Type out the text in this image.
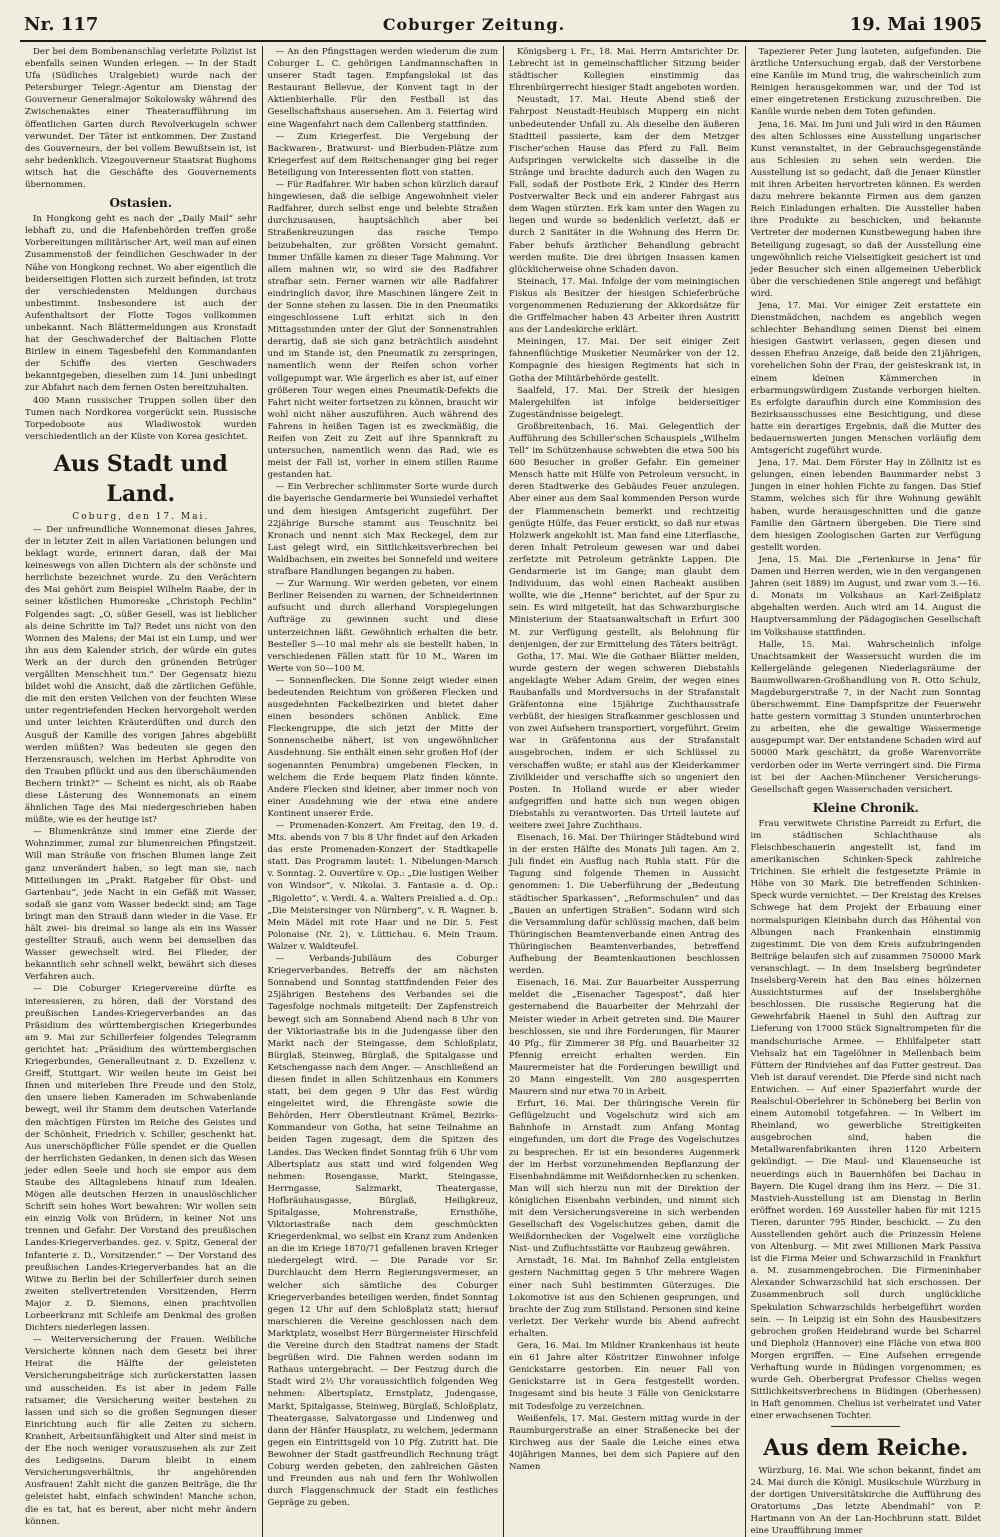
Nr. 117	Coburger Zeitung.	19. Mai 1905

Der bei dem Bombenanschlag verletzte Polizist ist ebenfalls seinen Wunden erlegen. — In der Stadt Ufa (Südliches Uralgebiet) wurde nach der Petersburger Telegr.-Agentur am Dienstag der Gouverneur Generalmajor Sokolowsky während des Zwischenaktes einer Theateraufführung im öffentlichen Garten durch Revolverkugeln schwer verwundet. Der Täter ist entkommen. Der Zustand des Gouverneurs, der bei vollem Bewußtsein ist, ist sehr bedenklich. Vizegouverneur Staatsrat Bughoms witsch hat die Geschäfte des Gouvernements übernommen.

Ostasien.

In Hongkong geht es nach der „Daily Mail“ sehr lebhaft zu, und die Hafenbehörden treffen große Vorbereitungen militärischer Art, weil man auf einen Zusammenstoß der feindlichen Geschwader in der Nähe von Hongkong rechnet. Wo aber eigentlich die beiderseitigen Flotten sich zurzeit befinden, ist trotz der verschiedensten Meldungen durchaus unbestimmt. Insbesondere ist auch der Aufenthaltsort der Flotte Togos vollkommen unbekannt. Nach Blättermeldungen aus Kronstadt hat der Geschwaderchef der Baltischen Flotte Birilew in einem Tagesbefehl den Kommandanten der Schiffe des vierten Geschwaders bekanntgegeben, dieselben zum 14. Juni unbedingt zur Abfahrt nach dem fernen Osten bereitzuhalten.

400 Mann russischer Truppen sollen über den Tumen nach Nordkorea vorgerückt sein. Russische Torpedoboote aus Wladiwostok wurden verschiedentlich an der Küste von Korea gesichtet.

Aus Stadt und Land.
Coburg, den 17. Mai.

— Der unfreundliche Wonnemonat dieses Jahres, der in letzter Zeit in allen Variationen belungen und beklagt wurde, erinnert daran, daß der Mai keineswegs von allen Dichtern als der schönste und herrlichste bezeichnet wurde. Zu den Verächtern des Mai gehört zum Beispiel Wilhelm Raabe, der in seiner köstlichen Humoreske „Christoph Pechlin“ Folgendes sagt: „O, süßer Gesell, was ist lieblicher als deine Schritte im Tal? Redet uns nicht von den Wonnen des Malens; der Mai ist ein Lump, und wer ihn aus dem Kalender strich, der würde ein gutes Werk an der durch den grünenden Betrüger vergällten Menschheit tun.“ Der Gegensatz hiezu bildet wohl die Ansicht, daß die zärtlichen Gefühle, die mit den ersten Veilchen von der feuchten Wiese unter regentriefenden Hecken hervorgeholt werden und unter leichten Kräuterdüften und durch den Ausguß der Kamille des vorigen Jahres abgebüßt werden müßten? Was bedeuten sie gegen den Herzensrausch, welchen im Herbst Aphrodite von den Trauben pflückt und aus den überschäumenden Bechern trinkt?“ — Scheint es nicht, als ob Raabe diese Lästerung des Wonnemonats an einem ähnlichen Tage des Mai niedergeschrieben haben müßte, wie es der heutige ist?

— Blumenkränze sind immer eine Zierde der Wohnzimmer, zumal zur blumenreichen Pfingstzeit. Will man Sträuße von frischen Blumen lange Zeit ganz unverändert haben, so legt man sie, nach Mitteilungen im „Prakt. Ratgeber für Obst- und Gartenbau“, jede Nacht in ein Gefäß mit Wasser, sodaß sie ganz vom Wasser bedeckt sind; am Tage bringt man den Strauß dann wieder in die Vase. Er hält zwei- bis dreimal so lange als ein ins Wasser gestellter Strauß, auch wenn bei demselben das Wasser gewechselt wird. Bei Flieder, der bekanntlich sehr schnell welkt, bewährt sich dieses Verfahren auch.

— Die Coburger Kriegervereine dürfte es interessieren, zu hören, daß der Vorstand des preußischen Landes-Kriegerverbandes an das Präsidium des württembergischen Kriegerbundes am 9. Mai zur Schillerfeier folgendes Telegramm gerichtet hat: „Präsidium des württembergischen Kriegerbundes, Generalleutnant z. D. Exzellenz v. Greiff, Stuttgart. Wir weilen heute im Geist bei Ihnen und miterleben Ihre Freude und den Stolz, den unsere lieben Kameraden im Schwabenlande bewegt, weil ihr Stamm dem deutschen Vaterlande den mächtigen Fürsten im Reiche des Geistes und der Schönheit, Friedrich v. Schiller, geschenkt hat. Aus unerschöpflicher Fülle spendet er die Quellen der herrlichsten Gedanken, in denen sich das Wesen jeder edlen Seele und hoch sie empor aus dem Staube des Alltagslebens hinauf zum Idealen. Mögen alle deutschen Herzen in unauslöschlicher Schrift sein hohes Wort bewahren: Wir wollen sein ein einzig Volk von Brüdern, in keiner Not uns trennen und Gefahr. Der Vorstand des preußischen Landes-Kriegerverbandes. gez. v. Spitz, General der Infanterie z. D., Vorsitzender.“ — Der Vorstand des preußischen Landes-Kriegerverbandes hat an die Witwe zu Berlin bei der Schillerfeier durch seinen zweiten stellvertretenden Vorsitzenden, Herrn Major z. D. Siemons, einen prachtvollen Lorbeerkranz mit Schleife am Denkmal des großen Dichters niederlegen lassen.

— Weiterversicherung der Frauen. Weibliche Versicherte können nach dem Gesetz bei ihrer Heirat die Hälfte der geleisteten Versicherungsbeiträge sich zurückerstatten lassen und ausscheiden. Es ist aber in jedem Falle ratsamer, die Versicherung weiter bestehen zu lassen und sich so die großen Segnungen dieser Einrichtung auch für alle Zeiten zu sichern. Kranheit, Arbeitsunfähigkeit und Alter sind meist in der Ehe noch weniger vorauszusehen als zur Zeit des Ledigseins. Darum bleibt in einem Versicherungsverhältnis, ihr angehörenden Ausfrauen! Zahlt nicht die ganzen Beiträge, die Ihr geleistet habt, einfach schwinden! Manche schon, die es tat, hat es bereut, aber nicht mehr ändern können.

— An den Pfingsttagen werden wiederum die zum Coburger L. C. gehörigen Landmannschaften in unserer Stadt tagen. Empfangslokal ist das Restaurant Bellevue, der Konvent tagt in der Aktienbierhalle. Für den Festball ist das Gesellschaftshaus ausersehen. Am 3. Feiertag wird eine Wagenfahrt nach dem Callenberg stattfinden.

— Zum Kriegerfest. Die Vergebung der Backwaren-, Bratwurst- und Bierbuden-Plätze zum Kriegerfest auf dem Reitschenanger ging bei reger Beteiligung von Interessenten flott von statten.

— Für Radfahrer. Wir haben schon kürzlich darauf hingewiesen, daß die selbige Angewohnheit vieler Radfahrer, durch selbst enge und belebte Straßen durchzusausen, hauptsächlich aber bei Straßenkreuzungen das rasche Tempo beizubehalten, zur größten Vorsicht gemahnt. Immer Unfälle kamen zu dieser Tage Mahnung. Vor allem mahnen wir, so wird sie des Radfahrer strafbar sein. Ferner warnen wir alle Radfahrer eindringlich davor, ihre Maschinen längere Zeit in der Sonne stehen zu lassen. Die in den Pneumatiks eingeschlossene Luft erhitzt sich in den Mittagsstunden unter der Glut der Sonnenstrahlen derartig, daß sie sich ganz beträchtlich ausdehnt und im Stande ist, den Pneumatik zu zerspringen, namentlich wenn der Reifen schon vorher vollgepumpt war. Wie ärgerlich es aber ist, auf einer größeren Tour wegen eines Pneumatik-Defekts die Fahrt nicht weiter fortsetzen zu können, braucht wir wohl nicht näher auszuführen. Auch während des Fahrens in heißen Tagen ist es zweckmäßig, die Reifen von Zeit zu Zeit auf ihre Spannkraft zu untersuchen, namentlich wenn das Rad, wie es meist der Fall ist, vorher in einem stillen Raume gestanden hat.

— Ein Verbrecher schlimmster Sorte wurde durch die bayerische Gendarmerie bei Wunsiedel verhaftet und dem hiesigen Amtsgericht zugeführt. Der 22jährige Bursche stammt aus Teuschnitz bei Kronach und nennt sich Max Reckegel, dem zur Last gelegt wird, ein Sittlichkeitsverbrechen bei Waldbachsen, ein zweites bei Sonnefeld und weitere strafbare Handlungen begangen zu haben.

— Zur Warnung. Wir werden gebeten, vor einem Berliner Reisenden zu warnen, der Schneiderinnen aufsucht und durch allerhand Vorspiegelungen Aufträge zu gewinnen sucht und diese unterzeichnen läßt. Gewöhnlich erhalten die betr. Besteller 5—10 mal mehr als sie bestellt haben, in verschiedenen Fällen statt für 10 M., Waren im Werte von 50—100 M.

— Sonnenflecken. Die Sonne zeigt wieder einen bedeutenden Reichtum von größeren Flecken und ausgedehnten Fackelbezirken und bietet daher einen besonders schönen Anblick. Eine Fleckengruppe, die sich jetzt der Mitte der Sonnenscheibe nähert, ist von ungewöhnlicher Ausdehnung. Sie enthält einen sehr großen Hof (der sogenannten Penumbra) umgebenen Flecken, in welchem die Erde bequem Platz finden könnte. Andere Flecken sind kleiner, aber immer noch von einer Ausdehnung wie der etwa eine andere Kontinent unserer Erde.

— Promenaden-Konzert. Am Freitag, den 19. d. Mts. abends von 7 bis 8 Uhr findet auf den Arkaden das erste Promenaden-Konzert der Stadtkapelle statt. Das Programm lautet: 1. Nibelungen-Marsch v. Sonntag. 2. Ouvertüre v. Op.: „Die lustigen Weiber von Windsor“, v. Nikolai. 3. Fantasie a. d. Op.: „Rigoletto“, v. Verdi. 4. a. Walters Preislied a. d. Op.: „Die Meistersinger von Nürnberg“, v. R. Wagner. b. Mein Mädel mit rote Haar und ne Dir. 5. Fest Polonaise (Nr. 2), v. Lüttichau. 6. Mein Traum. Walzer v. Waldteufel.

— Verbands-Jubiläum des Coburger Kriegerverbandes. Betreffs der am nächsten Sonnabend und Sonntag stattfindenden Feier des 25jährigen Bestehens des Verbandes sei die Tagesfolge nochmals mitgeteilt: Der Zapfenstreich bewegt sich am Sonnabend Abend nach 8 Uhr von der Viktoriastraße bis in die Judengasse über den Markt nach der Steingasse, dem Schloßplatz, Bürglaß, Steinweg, Bürglaß, die Spitalgasse und Ketschengasse nach dem Anger. — Anschließend an diesen findet in allen Schützenhaus ein Kommers statt, bei dem gegen 9 Uhr das Fest würdig eingeleitet wird, die Ehrengäste sowie die Behörden, Herr Oberstleutnant Krämel, Bezirks-Kommandeur von Gotha, hat seine Teilnahme an beiden Tagen zugesagt, dem die Spitzen des Landes. Das Wecken findet Sonntag früh 6 Uhr vom Albertsplatz aus statt und wird folgenden Weg nehmen: Rosengasse, Markt, Steingasse, Herrngasse, Salzmarkt, Theatergasse, Hofbräuhausgasse, Bürglaß, Heiligkreuz, Spitalgasse, Mohrenstraße, Ernsthöhe, Viktoriastraße nach dem geschmückten Kriegerdenkmal, wo selbst ein Kranz zum Andenken an die im Kriege 1870/71 gefallenen braven Krieger niedergelegt wird. — Die Parade vor Sr. Durchlaucht dem Herrn Regierungsvermeser, an welcher sich sämtliche des Coburger Kriegerverbandes beteiligen werden, findet Sonntag gegen 12 Uhr auf dem Schloßplatz statt; hierauf marschieren die Vereine geschlossen nach dem Marktplatz, woselbst Herr Bürgermeister Hirschfeld die Vereine durch den Stadtrat namens der Stadt begrüßen wird. Die Fahnen werden sodann im Rathaus untergebracht. — Der Festzug durch die Stadt wird 2½ Uhr voraussichtlich folgenden Weg nehmen: Albertsplatz, Ernstplatz, Judengasse, Markt, Spitalgasse, Steinweg, Bürglaß, Schloßplatz, Theatergasse, Salvatorgasse und Lindenweg und dann der Hänfer Hausplatz, zu welchem, jedermann gegen ein Eintrittsgeld von 10 Pfg. Zutritt hat. Die Bewohner der Stadt gastfreundlich Rechnung trägt Coburg werden gebeten, den zahlreichen Gästen und Freunden aus nah und fern Ihr Wohlwollen durch Flaggenschmuck der Stadt ein festliches Gepräge zu geben.

Königsberg i. Fr., 18. Mai. Herrn Amtsrichter Dr. Lebrecht ist in gemeinschaftlicher Sitzung beider städtischer Kollegien einstimmig das Ehrenbürgerrecht hiesiger Stadt angeboten worden.

Neustadt, 17. Mai. Heute Abend stieß der Fahrpost Neustadt-Heubisch Mupperg ein nicht unbedeutender Unfall zu. Als dieselbe den äußeren Stadtteil passierte, kam der dem Metzger Fischer'schen Hause das Pferd zu Fall. Beim Aufspringen verwickelte sich dasselbe in die Stränge und brachte dadurch auch den Wagen zu Fall, sodaß der Postbote Erk, 2 Kinder des Herrn Postverwalter Beck und ein anderer Fahrgast aus dem Wagen stürzten. Erk kam unter den Wagen zu liegen und wurde so bedenklich verletzt, daß er durch 2 Sanitäter in die Wohnung des Herrn Dr. Faber behufs ärztlicher Behandlung gebracht werden mußte. Die drei übrigen Insassen kamen glücklicherweise ohne Schaden davon.

Steinach, 17. Mai. Infolge der vom meiningischen Fiskus als Besitzer der hiesigen Schieferbrüche vorgenommenen Reduzierung der Akkordsätze für die Griffelmacher haben 43 Arbeiter ihren Austritt aus der Landeskirche erklärt.

Meiningen, 17. Mai. Der seit einiger Zeit fahnenflüchtige Musketier Neumärker von der 12. Kompagnie des hiesigen Regiments hat sich in Gotha der Militärbehörde gestellt.

Saalfeld, 17. Mai. Der Streik der hiesigen Malergehilfen ist infolge beiderseitiger Zugeständnisse beigelegt.

Großbreitenbach, 16. Mai. Gelegentlich der Aufführung des Schiller'schen Schauspiels „Wilhelm Tell“ im Schützenhause schwebten die etwa 500 bis 600 Besucher in großer Gefahr. Ein gemeiner Mensch hatte mit Hülfe von Petroleum versucht, in deren Stadtwerke des Gebäudes Feuer anzulegen. Aber einer aus dem Saal kommenden Person wurde der Flammenschein bemerkt und rechtzeitig genügte Hülfe, das Feuer erstickt, so daß nur etwas Holzwerk angekohlt ist. Man fand eine Literflasche, deren Inhalt Petroleum gewesen war und dabei zerfetzte mit Petroleum getränkte Lappen. Die Gendarmerie ist im Gange; man glaubt dem Individuum, das wohl einen Racheakt ausüben wollte, wie die „Henne“ berichtet, auf der Spur zu sein. Es wird mitgeteilt, hat das Schwarzburgische Ministerium der Staatsanwaltschaft in Erfurt 300 M. zur Verfügung gestellt, als Belohnung für denjenigen, der zur Ermittelung des Täters beiträgt.

Gotha, 17. Mai. Wie die Gothaer Blätter melden, wurde gestern der wegen schweren Diebstahls angeklagte Weber Adam Greim, der wegen eines Raubanfalls und Mordversuchs in der Strafanstalt Gräfentonna eine 15jährige Zuchthausstrafe verbüßt, der hiesigen Strafkammer geschlossen und von zwei Aufsehern transportiert, vorgeführt. Greim war in Gräfentonna aus der Strafanstalt ausgebrochen, indem er sich Schlüssel zu verschaffen wußte; er stahl aus der Kleiderkammer Zivilkleider und verschaffte sich so ungeniert den Posten. In Holland wurde er aber wieder aufgegriffen und hatte sich nun wegen obigen Diebstahls zu verantworten. Das Urteil lautete auf weitere zwei Jahre Zuchthaus.

Eisenach, 16. Mai. Der Thüringer Städtebund wird in der ersten Hälfte des Monats Juli tagen. Am 2. Juli findet ein Ausflug nach Ruhla statt. Für die Tagung sind folgende Themen in Aussicht genommen: 1. Die Ueberführung der „Bedeutung städtischer Sparkassen“, „Reformschulen“ und das „Bauen an unfertigen Straßen“. Sodann wird sich die Versammlung dafür schlüssig machen, daß beim Thüringischen Beamtenverbande einen Antrag des Thüringischen Beamtenverbandes, betreffend Aufhebung der Beamtenkautionen beschlossen werden.

Eisenach, 16. Mai. Zur Bauarbeiter Aussperrung meldet die „Eisenacher Tagespost“, daß hier gesternabend die Bauarbeiter der Mehrzahl der Meister wieder in Arbeit getreten sind. Die Maurer beschlossen, sie und ihre Forderungen, für Maurer 40 Pfg., für Zimmerer 38 Pfg. und Bauarbeiter 32 Pfennig erreicht erhalten werden. Ein Maurermeister hat die Forderungen bewilligt und 20 Mann eingestellt. Von 280 ausgesperrten Maurern sind nur etwa 70 in Arbeit.

Erfurt, 16. Mai. Der thüringische Verein für Geflügelzucht und Vogelschutz wird sich am Bahnhofe in Arnstadt zum Anfang Montag eingefunden, um dort die Frage des Vogelschutzes zu besprechen. Er ist ein besonderes Augenmerk der im Herbst vorzunehmenden Bepflanzung der Eisenbahndämme mit Weißdornhecken zu schenken. Man will sich hierzu nun mit der Direktion der königlichen Eisenbahn verbinden, und nimmt sich mit dem Versicherungsvereine in sich werbenden Gesellschaft des Vogelschutzes geben, damit die Weißdornhecken der Vogelwelt eine vorzügliche Nist- und Zufluchtsstätte vor Raubzeug gewähren.

Arnstadt, 16. Mai. Im Bahnhof Zella entgleisten gestern Nachmittag gegen 5 Uhr mehrere Wagen einer nach Suhl bestimmten Güterzuges. Die Lokomotive ist aus den Schienen gesprungen, und brachte der Zug zum Stillstand. Personen sind keine verletzt. Der Verkehr wurde bis Abend aufrecht erhalten.

Gera, 16. Mai. Im Mildner Krankenhaus ist heute ein 61 Jahre alter Köstritzer Einwohner infolge Genickstarre gestorben. Ein neuer Fall von Genickstarre ist in Gera festgestellt worden. Insgesamt sind bis heute 3 Fälle von Genickstarre mit Todesfolge zu verzeichnen.

Weißenfels, 17. Mai. Gestern mittag wurde in der Raumburgerstraße an einer Straßenecke bei der Kirchweg aus der Saale die Leiche eines etwa 40jährigen Mannes, bei dem sich Papiere auf den Namen

Tapezierer Peter Jung lauteten, aufgefunden. Die ärztliche Untersuchung ergab, daß der Verstorbene eine Kanüle im Mund trug, die wahrscheinlich zum Reinigen herausgekommen war, und der Tod ist einer eingetretenen Erstickung zuzuschreiben. Die Kanüle wurde neben dem Toten gefunden.

Jena, 16. Mai. Im Juni und Juli wird in den Räumen des alten Schlosses eine Ausstellung ungarischer Kunst veranstaltet, in der Gebrauchsgegenstände aus Schlesien zu sehen sein werden. Die Ausstellung ist so gedacht, daß die Jenaer Künstler mit ihren Arbeiten hervortreten können. Es werden dazu mehrere bekannte Firmen aus dem ganzen Reich Einladungen erhalten. Die Aussteller haben ihre Produkte zu beschicken, und bekannte Vertreter der modernen Kunstbewegung haben ihre Beteiligung zugesagt, so daß der Ausstellung eine ungewöhnlich reiche Vielseitigkeit gesichert ist und jeder Besucher sich einen allgemeinen Ueberblick über die verschiedenen Stile angeregt und befähigt wird.

Jena, 17. Mai. Vor einiger Zeit erstattete ein Dienstmädchen, nachdem es angeblich wegen schlechter Behandlung seinen Dienst bei einem hiesigen Gastwirt verlassen, gegen diesen und dessen Ehefrau Anzeige, daß beide den 21jährigen, vorehelichen Sohn der Frau, der geisteskrank ist, in einem kleinen Kämmerchen in erbarmungswürdigem Zustande verborgen hielten. Es erfolgte daraufhin durch eine Kommission des Bezirksausschusses eine Besichtigung, und diese hatte ein derartiges Ergebnis, daß die Mutter des bedauernswerten jungen Menschen vorläufig dem Amtsgericht zugeführt wurde.

Jena, 17. Mai. Dem Förster Hay in Zöllnitz ist es gelungen, einen lebenden Baummarder nebst 3 Jungen in einer hohlen Fichte zu fangen. Das Stief Stamm, welches sich für ihre Wohnung gewählt haben, wurde herausgeschnitten und die ganze Familie den Gärtnern übergeben. Die Tiere sind dem hiesigen Zoologischen Garten zur Verfügung gestellt worden.

Jena, 15. Mai. Die „Ferienkurse in Jena“ für Damen und Herren werden, wie in den vergangenen Jahren (seit 1889) im August, und zwar vom 3.—16. d. Monats im Volkshaus an Karl-Zeißplatz abgehalten werden. Auch wird am 14. August die Hauptversammlung der Pädagogischen Gesellschaft im Volkshause stattfinden.

Halle, 15. Mai. Wahrscheinlich infolge Unachtsamkeit der Wassersucht wurden die im Kellergelände gelegenen Niederlagsräume der Baumwollwaren-Großhandlung von R. Otto Schulz, Magdeburgerstraße 7, in der Nacht zum Sonntag überschwemmt. Eine Dampfspritze der Feuerwehr hatte gestern vormittag 3 Stunden ununterbrochen zu arbeiten, ehe die gewaltige Wassermenge ausgepumpt war. Der entstandene Schaden wird auf 50000 Mark geschätzt, da große Warenvorräte verdorben oder im Werte verringert sind. Die Firma ist bei der Aachen-Münchener Versicherungs-Gesellschaft gegen Wasserschaden versichert.

Kleine Chronik.

Frau verwitwete Christine Parreidt zu Erfurt, die im städtischen Schlachthause als Fleischbeschauerin angestellt ist, fand im amerikanischen Schinken-Speck zahlreiche Trichinen. Sie erhielt die festgesetzte Prämie in Höhe von 30 Mark. Die betreffenden Schinken-Speck wurde vernichtet. — Der Kreistag des Kreises Schwege hat dem Projekt der Erbauung einer normalspurigen Kleinbahn durch das Höhental von Albungen nach Frankenhain einstimmig zugestimmt. Die von dem Kreis aufzubringenden Beiträge belaufen sich auf zusammen 750000 Mark veranschlagt. — In dem Inselsberg begründeter Inselsberg-Verein hat den Bau eines hölzernen Aussichtsturmes auf der Inselsberghöhe beschlossen. Die russische Regierung hat die Gewehrfabrik Haenel in Suhl den Auftrag zur Lieferung von 17000 Stück Signaltrompeten für die mandschurische Armee. — Ehlilfalpeter statt Viehsalz hat ein Tagelöhner in Mellenbach beim Füttern der Rindviehes auf das Futter gestreut. Das Vieh ist darauf verendet. Die Pferde sind nicht nach Entwichen. — Auf einer Spazierfahrt wurde der Realschul-Oberlehrer in Schöneberg bei Berlin von einem Automobil totgefahren. — In Velbert im Rheinland, wo gewerbliche Streitigkeiten ausgebrochen sind, haben die Metallwarenfabrikanten ihren 1120 Arbeitern gekündigt. — Die Maul- und Klauenseuche ist neuerdings auch in Bauernhöfen bei Dachau in Bayern. Die Kugel drang ihm ins Herz. — Die 31. Mastvieh-Ausstellung ist am Dienstag in Berlin eröffnet worden. 169 Aussteller haben für mit 1215 Tieren, darunter 795 Rinder, beschickt. — Zu den Ausstellenden gehört auch die Prinzessin Helene von Altenburg. — Mit zwei Millionen Mark Passiva ist die Firma Meier und Schwarzschild in Frankfurt a. M. zusammengebrochen. Die Firmeninhaber Alexander Schwarzschild hat sich erschossen. Der Zusammenbruch soll durch unglückliche Spekulation Schwarzschilds herbeigeführt worden sein. — In Leipzig ist ein Sohn des Hausbesitzers gebrochen großen Heidebrand wurde bei Scharrel und Diepholz (Hannover) eine Fläche von etwa 800 Morgen ergriffen. — Eine Aufsehen erregende Verhaftung wurde in Büdingen vorgenommen; es wurde Geh. Oberbergrat Professor Cheliss wegen Sittlichkeitsverbrechens in Büdingen (Oberhessen) in Haft genommen. Chelius ist verheiratet und Vater einer erwachsenen Tochter.

Aus dem Reiche.

Würzburg, 16. Mai. Wie schon bekannt, findet am 24. Mai durch die Königl. Musikschule Würzburg in der dortigen Universitätskirche die Aufführung des Oratoriums „Das letzte Abendmahl“ von P. Hartmann von An der Lan-Hochbrunn statt. Bildet eine Uraufführung immer
